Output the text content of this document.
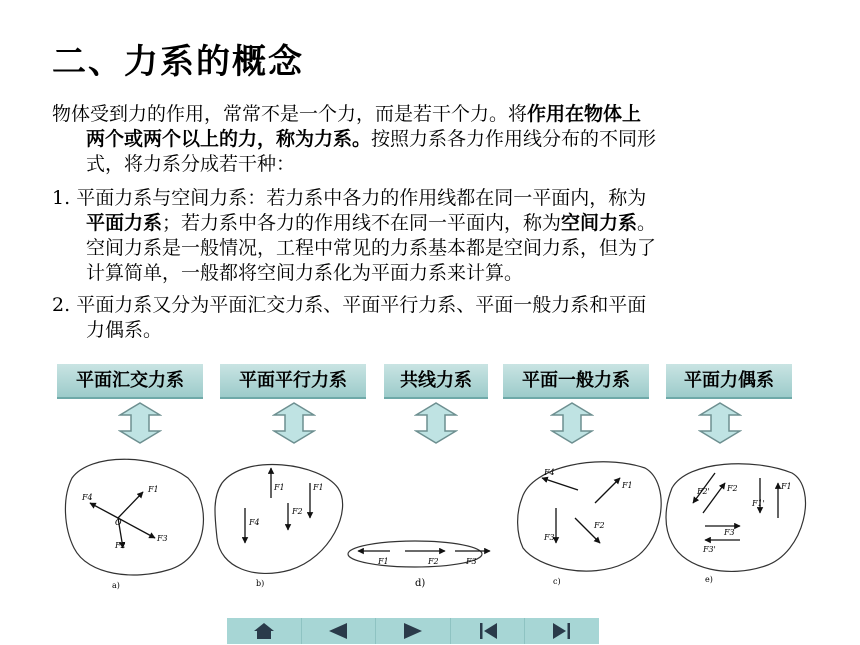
二、力系的概念
物体受到力的作用，常常不是一个力，而是若干个力。将作用在物体上
两个或两个以上的力，称为力系。按照力系各力作用线分布的不同形
式，将力系分成若干种：
1. 平面力系与空间力系：若力系中各力的作用线都在同一平面内，称为
平面力系；若力系中各力的作用线不在同一平面内，称为空间力系。
空间力系是一般情况，工程中常见的力系基本都是空间力系，但为了
计算简单，一般都将空间力系化为平面力系来计算。
2. 平面力系又分为平面汇交力系、平面平行力系、平面一般力系和平面
力偶系。
平面汇交力系	平面平行力系	共线力系	平面一般力系	平面力偶系
F4
F1
O
F3
F2
a)
F1	F1
F4
F2
b)
F1	F2	F3
d)
F4
F1
F2
F3
c)
F2' F2
F1'
F1
F3
F3'
e)
